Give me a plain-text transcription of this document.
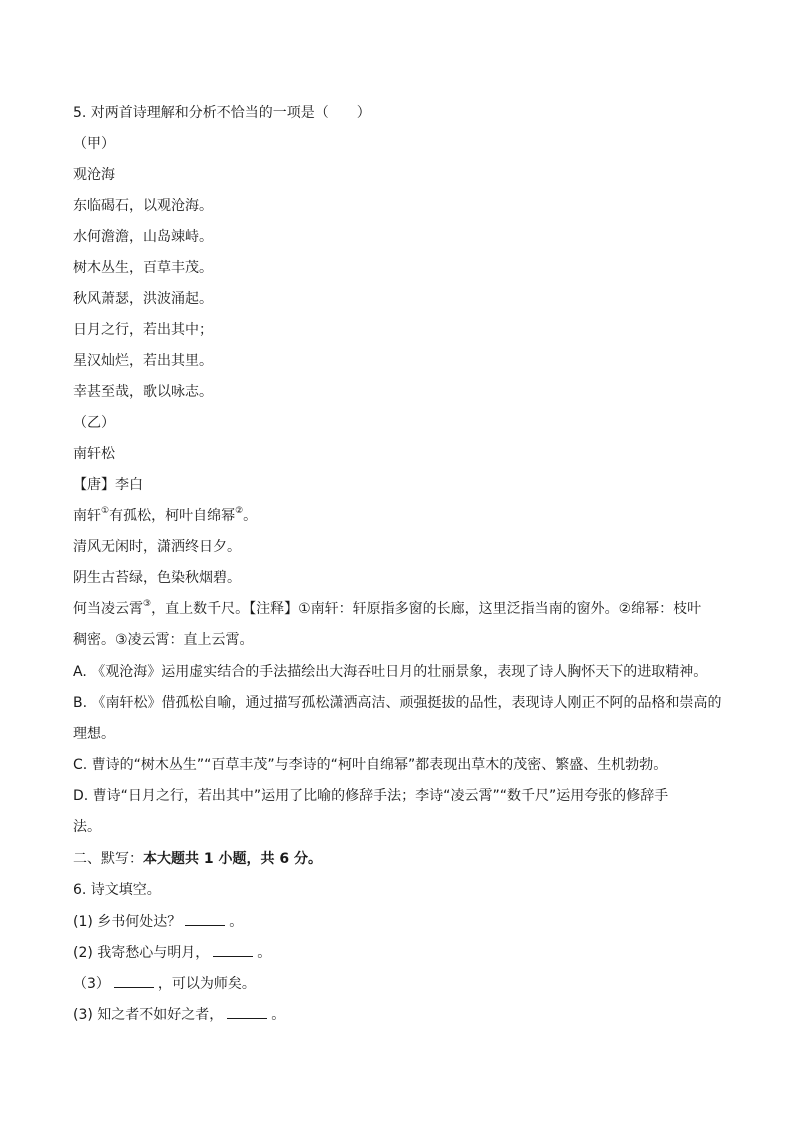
5. 对两首诗理解和分析不恰当的一项是（　　）
（甲）
观沧海
东临碣石，以观沧海。
水何澹澹，山岛竦峙。
树木丛生，百草丰茂。
秋风萧瑟，洪波涌起。
日月之行，若出其中；
星汉灿烂，若出其里。
幸甚至哉，歌以咏志。
（乙）
南轩松
【唐】李白
南轩①有孤松，柯叶自绵幂②。
清风无闲时，潇洒终日夕。
阴生古苔绿，色染秋烟碧。
何当凌云霄③，直上数千尺。【注释】①南轩：轩原指多窗的长廊，这里泛指当南的窗外。②绵幂：枝叶
稠密。③凌云霄：直上云霄。
A. 《观沧海》运用虚实结合的手法描绘出大海吞吐日月的壮丽景象，表现了诗人胸怀天下的进取精神。
B. 《南轩松》借孤松自喻，通过描写孤松潇洒高洁、顽强挺拔的品性，表现诗人刚正不阿的品格和崇高的
理想。
C. 曹诗的“树木丛生”“百草丰茂”与李诗的“柯叶自绵幂”都表现出草木的茂密、繁盛、生机勃勃。
D. 曹诗“日月之行，若出其中”运用了比喻的修辞手法；李诗“凌云霄”“数千尺”运用夸张的修辞手
法。
二、默写：本大题共 1 小题，共 6 分。
6. 诗文填空。
(1) 乡书何处达？	。
(2) 我寄愁心与明月，	。
（3）	，可以为师矣。
(3) 知之者不如好之者，	。
